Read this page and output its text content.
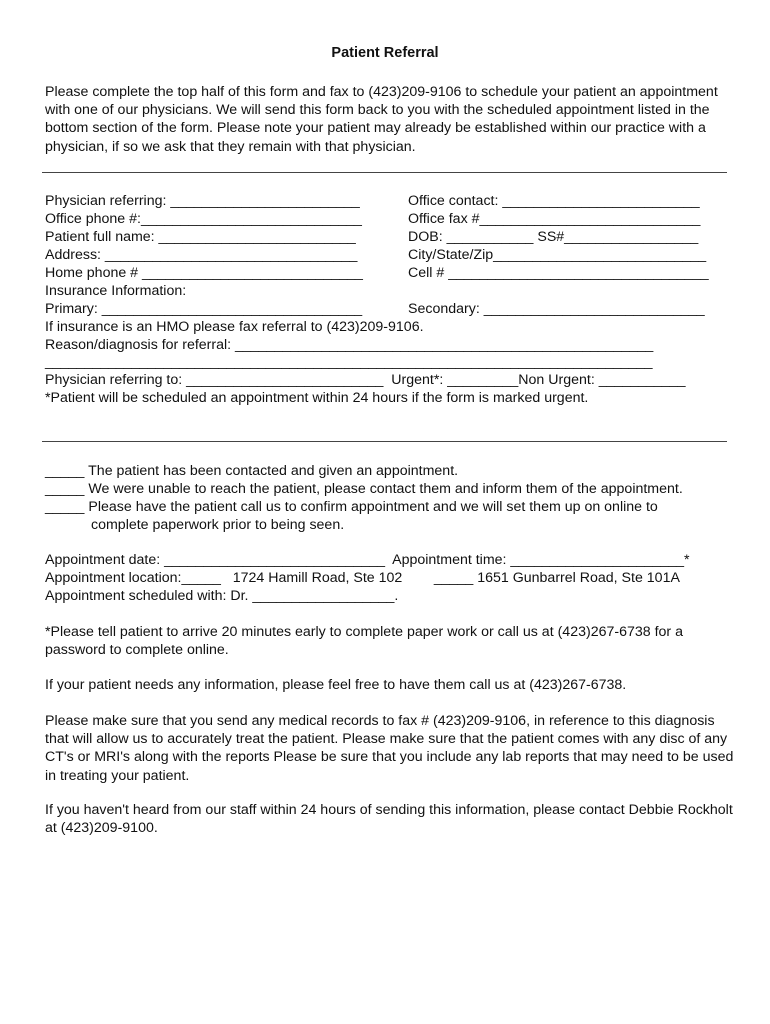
Patient Referral
Please complete the top half of this form and fax to (423)209-9106 to schedule your patient an appointment with one of our physicians. We will send this form back to you with the scheduled appointment listed in the bottom section of the form. Please note your patient may already be established within our practice with a physician, if so we ask that they remain with that physician.
Physician referring: ________________________	Office contact: _________________________
Office phone #:____________________________	Office fax #____________________________
Patient full name: _________________________	DOB: ___________ SS#_________________
Address: ________________________________	City/State/Zip___________________________
Home phone # ____________________________	Cell # _________________________________
Insurance Information:
Primary: _________________________________	Secondary: ____________________________
If insurance is an HMO please fax referral to (423)209-9106.
Reason/diagnosis for referral: _____________________________________________________
_____________________________________________________________________________
Physician referring to: _________________________  Urgent*: _________Non Urgent: ___________
*Patient will be scheduled an appointment within 24 hours if the form is marked urgent.
_____ The patient has been contacted and given an appointment.
_____ We were unable to reach the patient, please contact them and inform them of the appointment.
_____ Please have the patient call us to confirm appointment and we will set them up on online to
complete paperwork prior to being seen.
Appointment date: ____________________________  Appointment time: ______________________*
Appointment location:_____   1724 Hamill Road, Ste 102        _____ 1651 Gunbarrel Road, Ste 101A
Appointment scheduled with: Dr. __________________.
*Please tell patient to arrive 20 minutes early to complete paper work or call us at (423)267-6738 for a password to complete online.
If your patient needs any information, please feel free to have them call us at (423)267-6738.
Please make sure that you send any medical records to fax # (423)209-9106, in reference to this diagnosis that will allow us to accurately treat the patient. Please make sure that the patient comes with any disc of any CT's or MRI's along with the reports Please be sure that you include any lab reports that may need to be used in treating your patient.
If you haven't heard from our staff within 24 hours of sending this information, please contact Debbie Rockholt at (423)209-9100.
